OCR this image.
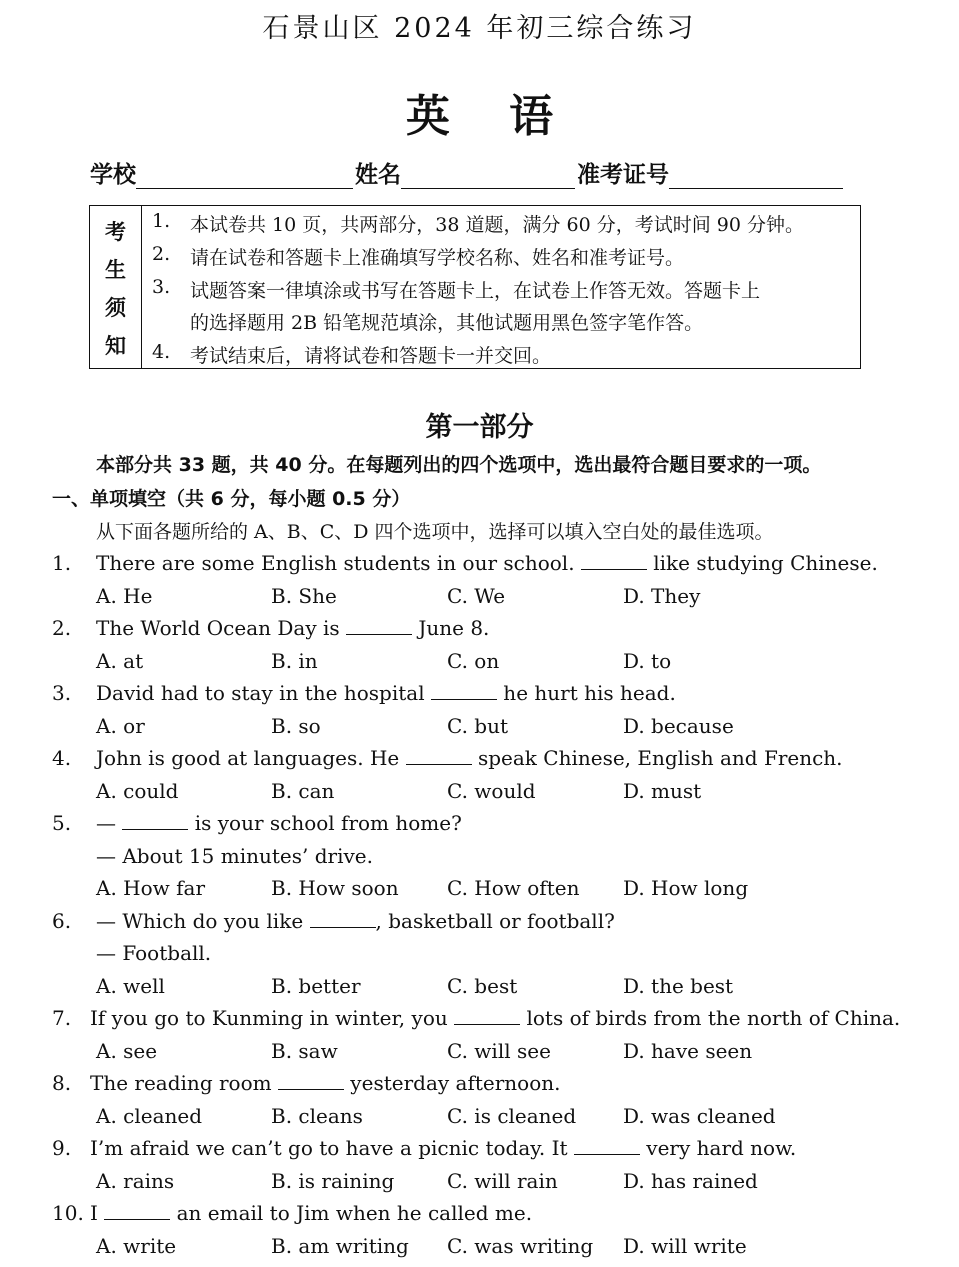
石景山区 2024 年初三综合练习
英 语
学校	姓名	准考证号
考
生
须
知
1. 本试卷共 10 页，共两部分，38 道题，满分 60 分，考试时间 90 分钟。
2. 请在试卷和答题卡上准确填写学校名称、姓名和准考证号。
3. 试题答案一律填涂或书写在答题卡上，在试卷上作答无效。答题卡上
的选择题用 2B 铅笔规范填涂，其他试题用黑色签字笔作答。
4. 考试结束后，请将试卷和答题卡一并交回。
第一部分
本部分共 33 题，共 40 分。在每题列出的四个选项中，选出最符合题目要求的一项。
一、单项填空（共 6 分，每小题 0.5 分）
从下面各题所给的 A、B、C、D 四个选项中，选择可以填入空白处的最佳选项。
1. There are some English students in our school.	like studying Chinese.
A. He	B. She	C. We	D. They
2. The World Ocean Day is	June 8.
A. at	B. in	C. on	D. to
3. David had to stay in the hospital	he hurt his head.
A. or	B. so	C. but	D. because
4. John is good at languages. He	speak Chinese, English and French.
A. could	B. can	C. would	D. must
5. —	is your school from home?
— About 15 minutes’ drive.
A. How far	B. How soon C. How often D. How long
6. — Which do you like	, basketball or football?
— Football.
A. well	B. better	C. best	D. the best
7. If you go to Kunming in winter, you	lots of birds from the north of China.
A. see	B. saw	C. will see	D. have seen
8. The reading room	yesterday afternoon.
A. cleaned	B. cleans	C. is cleaned D. was cleaned
9. I’m afraid we can’t go to have a picnic today. It	very hard now.
A. rains	B. is raining	C. will rain	D. has rained
10. I	an email to Jim when he called me.
A. write	B. am writing C. was writing D. will write
